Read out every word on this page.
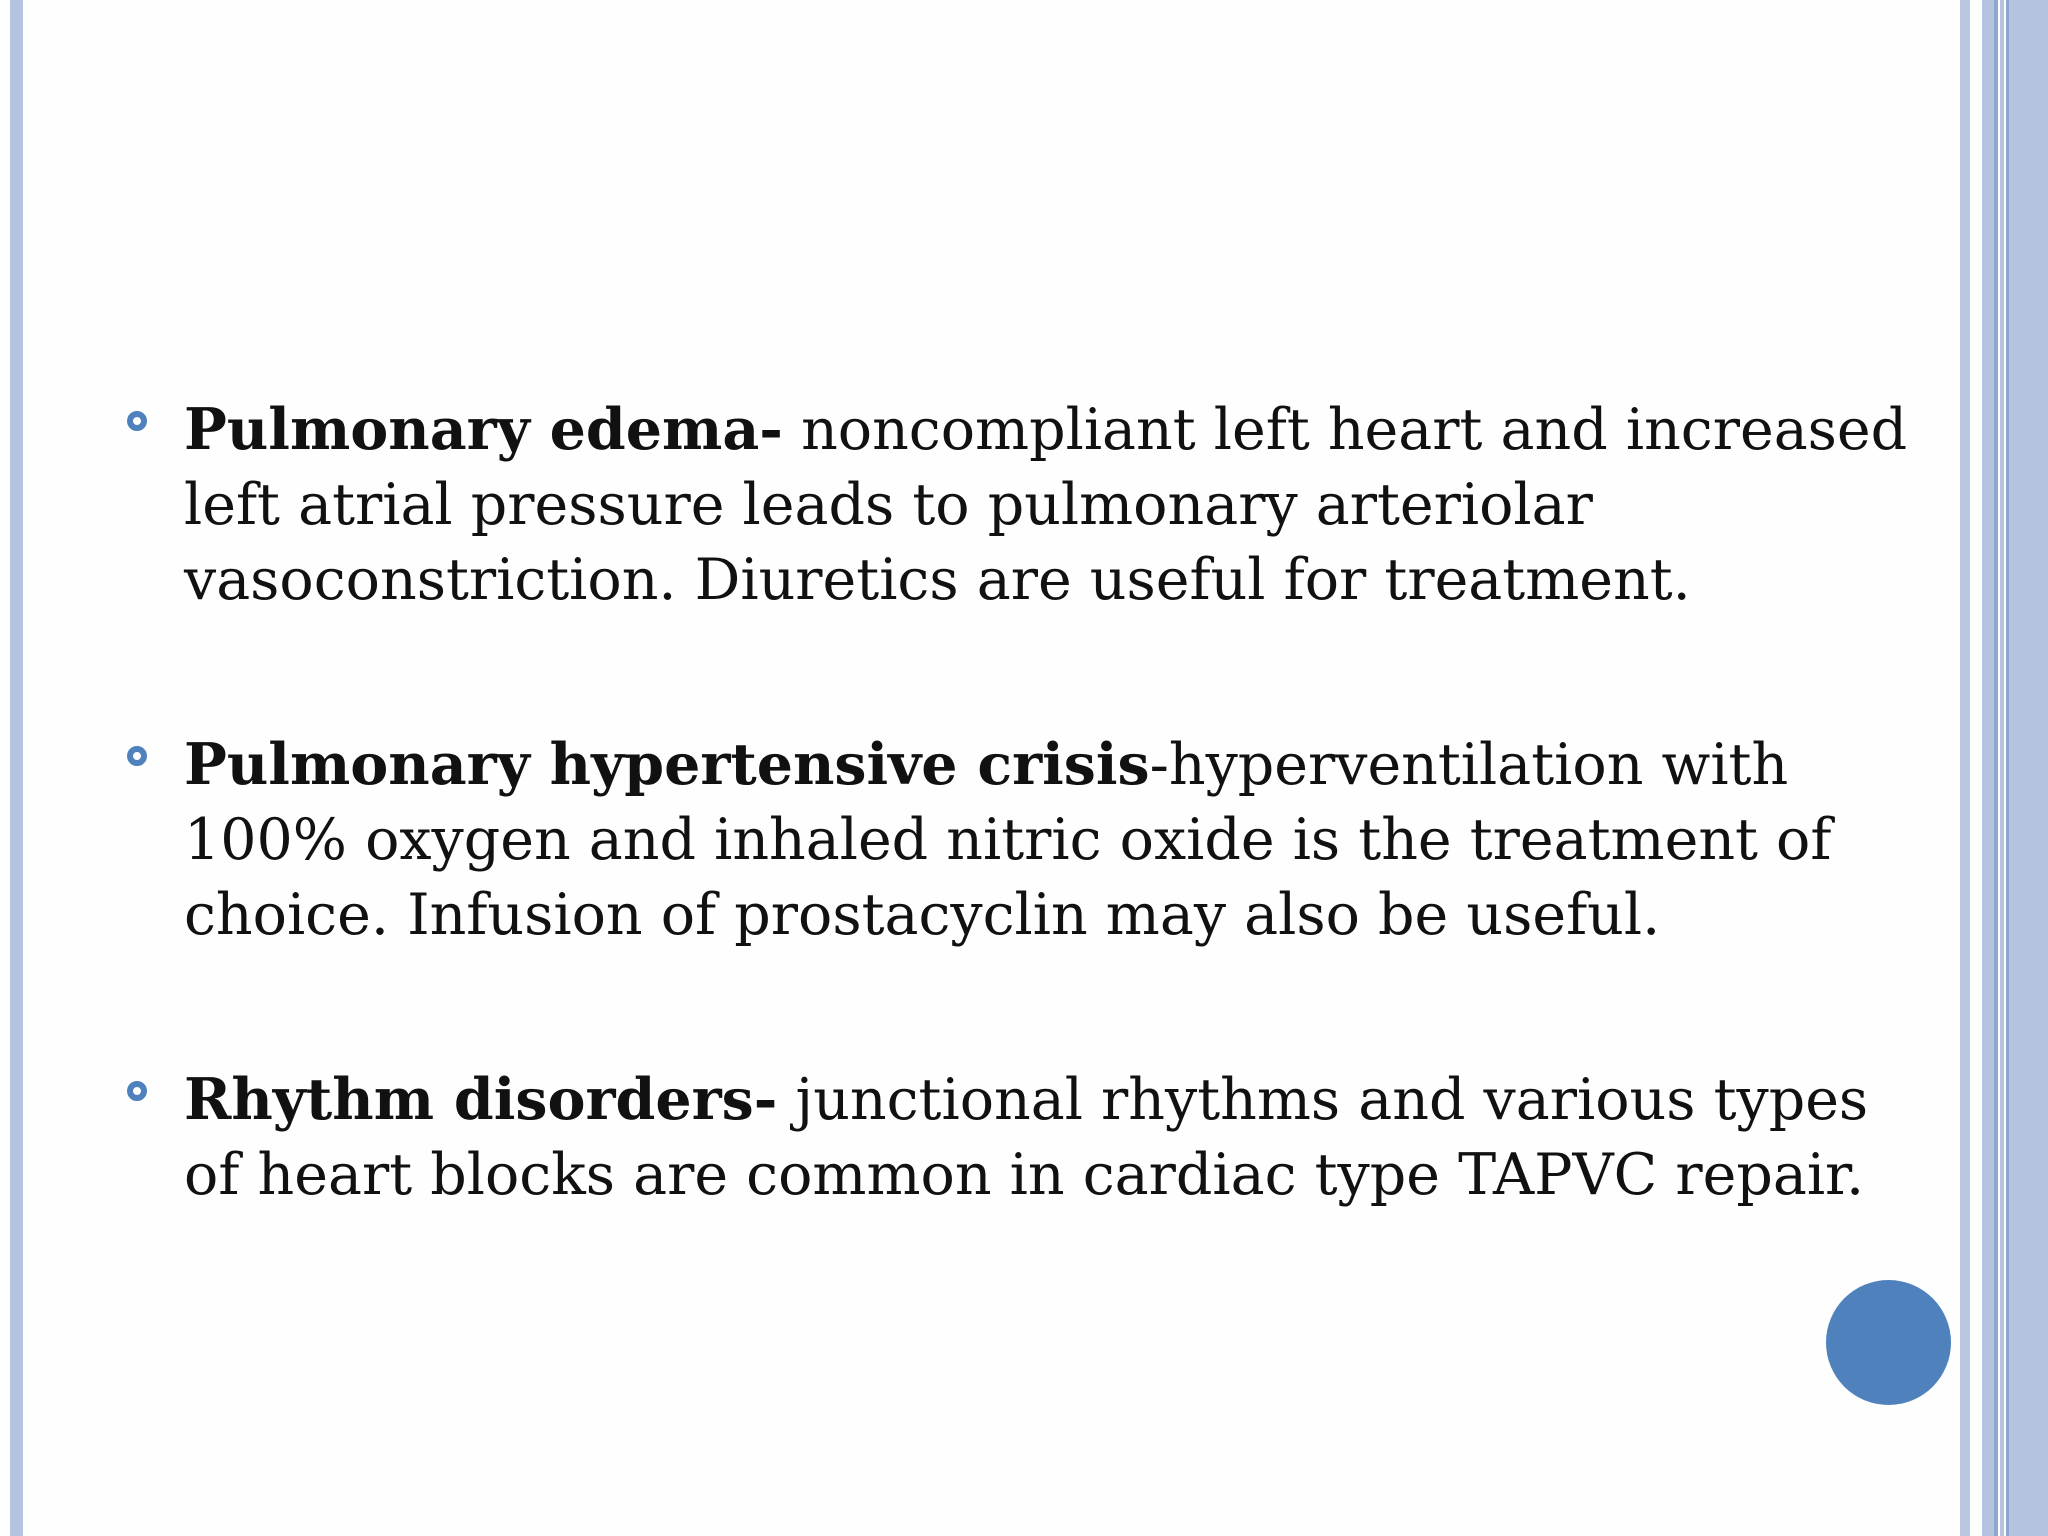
Pulmonary edema- noncompliant left heart and increased left atrial pressure leads to pulmonary arteriolar vasoconstriction. Diuretics are useful for treatment.
Pulmonary hypertensive crisis-hyperventilation with 100% oxygen and inhaled nitric oxide is the treatment of choice. Infusion of prostacyclin may also be useful.
Rhythm disorders- junctional rhythms and various types of heart blocks are common in cardiac type TAPVC repair.
